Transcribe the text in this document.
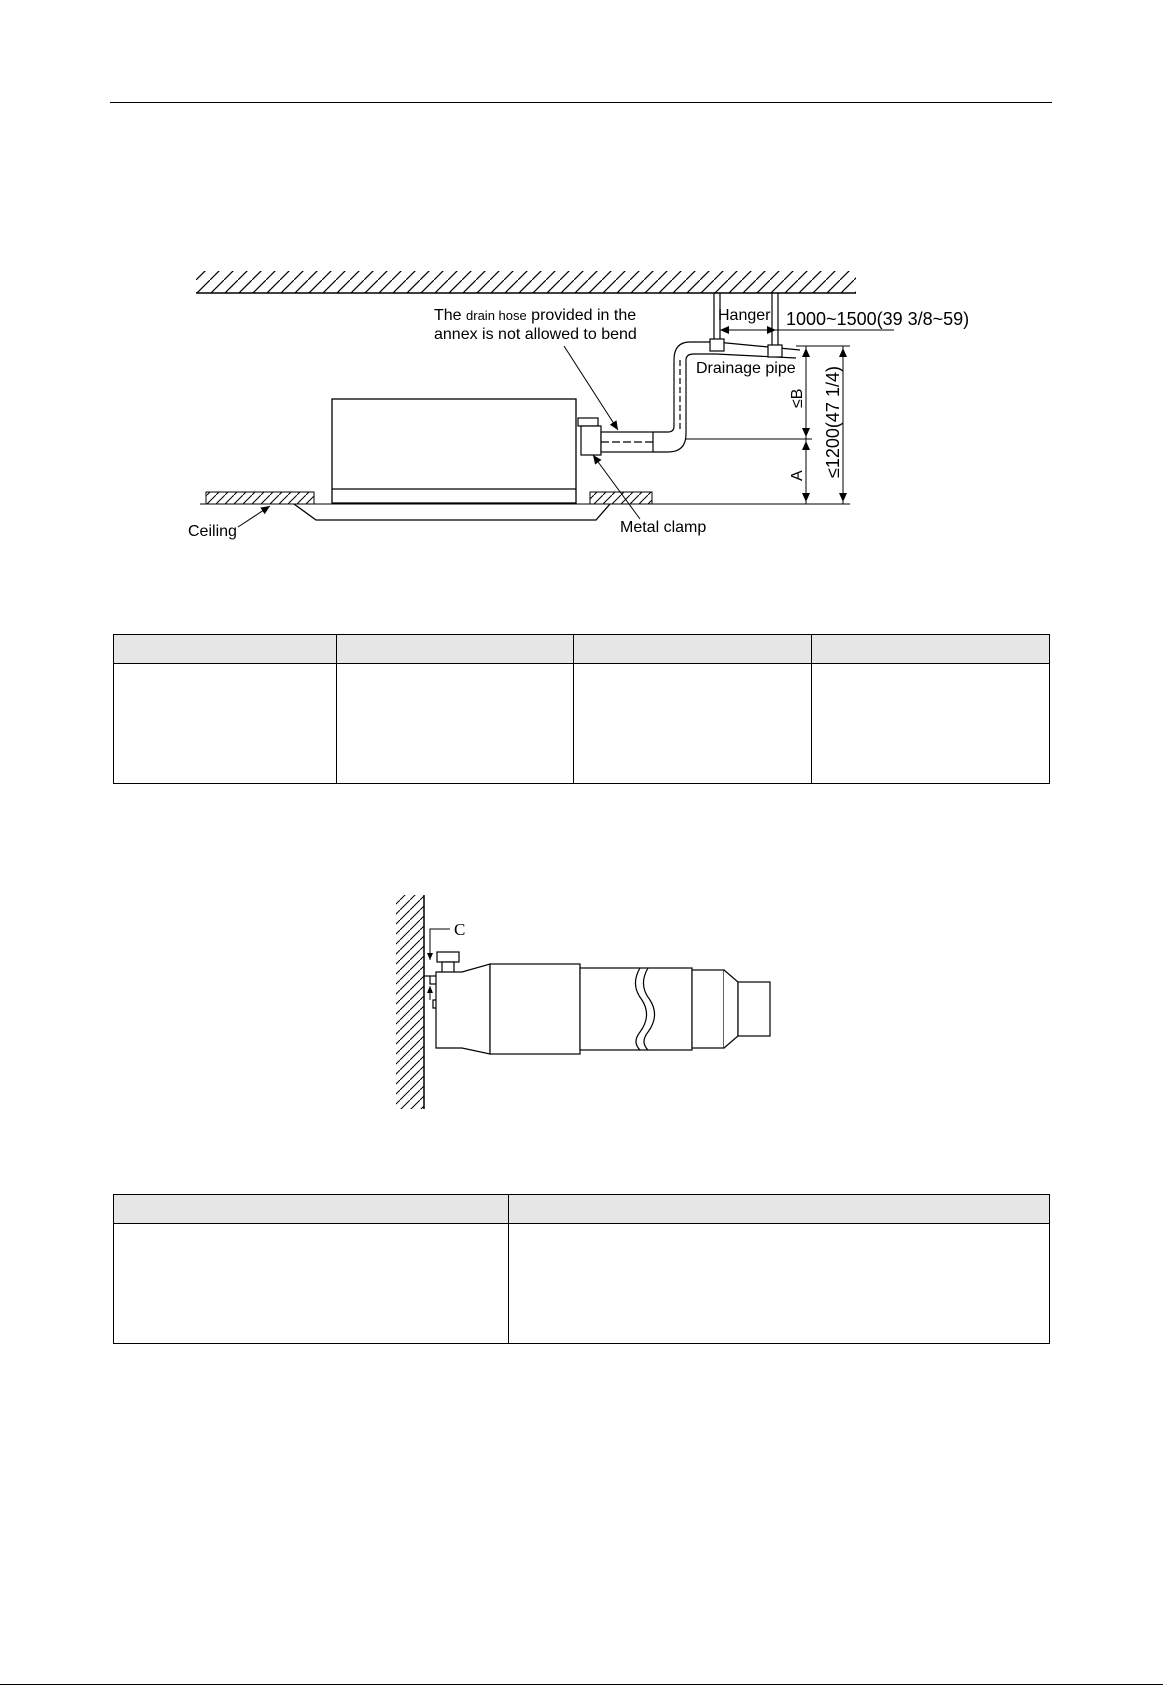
Hanger 1000~1500(39 3/8~59)
Drainage pipe
≤B
A ≤1200(47 1/4)
The drain hose provided in the
annex is not allowed to bend
Ceiling	Metal clamp

C
